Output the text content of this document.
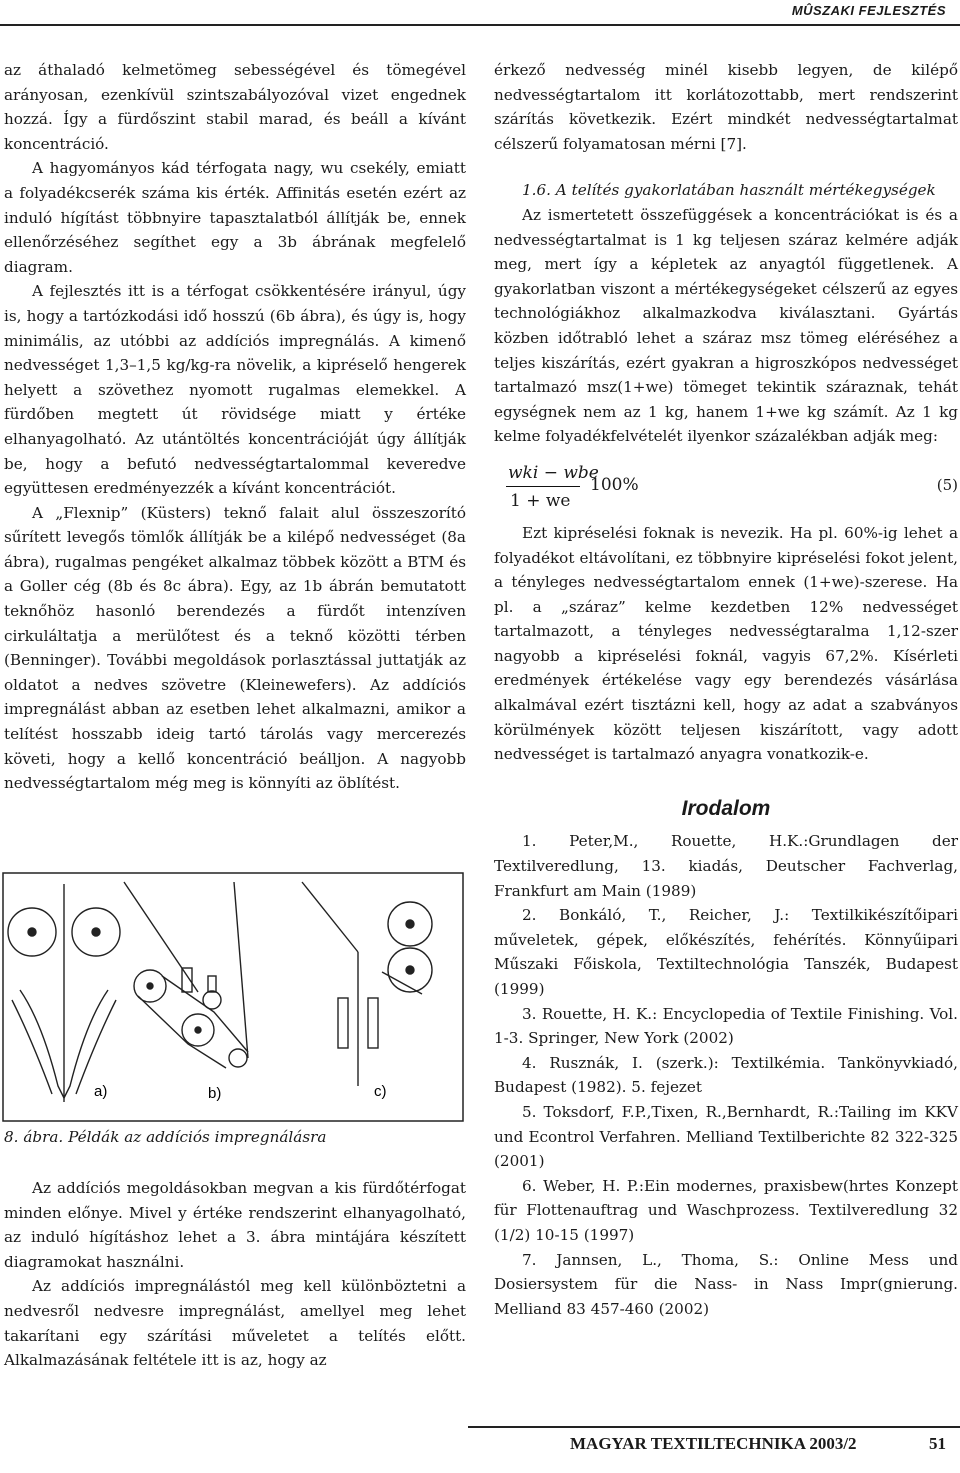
MÛSZAKI FEJLESZTÉS

az áthaladó kelmetömeg sebességével és tömegével arányosan, ezenkívül szintszabályozóval vizet engednek hozzá. Így a fürdőszint stabil marad, és beáll a kívánt koncentráció.

A hagyományos kád térfogata nagy, wu csekély, emiatt a folyadékcserék száma kis érték. Affinitás esetén ezért az induló hígítást többnyire tapasztalatból állítják be, ennek ellenőrzéséhez segíthet egy a 3b ábrának megfelelő diagram.

A fejlesztés itt is a térfogat csökkentésére irányul, úgy is, hogy a tartózkodási idő hosszú (6b ábra), és úgy is, hogy minimális, az utóbbi az addíciós impregnálás. A kimenő nedvességet 1,3–1,5 kg/kg-ra növelik, a kipréselő hengerek helyett a szövethez nyomott rugalmas elemekkel. A fürdőben megtett út rövidsége miatt y értéke elhanyagolható. Az utántöltés koncentrációját úgy állítják be, hogy a befutó nedvességtartalommal keveredve együttesen eredményezzék a kívánt koncentrációt.

A „Flexnip” (Küsters) teknő falait alul összeszorító sűrített levegős tömlők állítják be a kilépő nedvességet (8a ábra), rugalmas pengéket alkalmaz többek között a BTM és a Goller cég (8b és 8c ábra). Egy, az 1b ábrán bemutatott teknőhöz hasonló berendezés a fürdőt intenzíven cirkuláltatja a merülőtest és a teknő közötti térben (Benninger). További megoldások porlasztással juttatják az oldatot a nedves szövetre (Kleinewefers). Az addíciós impregnálást abban az esetben lehet alkalmazni, amikor a telítést hosszabb ideig tartó tárolás vagy mercerezés követi, hogy a kellő koncentráció beálljon. A nagyobb nedvességtartalom még meg is könnyíti az öblítést.

a)	b)	c)
8. ábra. Példák az addíciós impregnálásra

Az addíciós megoldásokban megvan a kis fürdőtérfogat minden előnye. Mivel y értéke rendszerint elhanyagolható, az induló hígításhoz lehet a 3. ábra mintájára készített diagramokat használni.

Az addíciós impregnálástól meg kell különböztetni a nedvesről nedvesre impregnálást, amellyel meg lehet takarítani egy szárítási műveletet a telítés előtt. Alkalmazásának feltétele itt is az, hogy az

érkező nedvesség minél kisebb legyen, de kilépő nedvességtartalom itt korlátozottabb, mert rendszerint szárítás következik. Ezért mindkét nedvességtartalmat célszerű folyamatosan mérni [7].

1.6. A telítés gyakorlatában használt mértékegységek

Az ismertetett összefüggések a koncentrációkat is és a nedvességtartalmat is 1 kg teljesen száraz kelmére adják meg, mert így a képletek az anyagtól függetlenek. A gyakorlatban viszont a mértékegységeket célszerű az egyes technológiákhoz alkalmazkodva kiválasztani. Gyártás közben időtrabló lehet a száraz msz tömeg eléréséhez a teljes kiszárítás, ezért gyakran a higroszkópos nedvességet tartalmazó msz(1+we) tömeget tekintik száraznak, tehát egységnek nem az 1 kg, hanem 1+we kg számít. Az 1 kg kelme folyadékfelvételét ilyenkor százalékban adják meg:

wki − wbe
1 + we
100%	(5)

Ezt kipréselési foknak is nevezik. Ha pl. 60%-ig lehet a folyadékot eltávolítani, ez többnyire kipréselési fokot jelent, a tényleges nedvességtartalom ennek (1+we)-szerese. Ha pl. a „száraz” kelme kezdetben 12% nedvességet tartalmazott, a tényleges nedvességtaralma 1,12-szer nagyobb a kipréselési foknál, vagyis 67,2%. Kísérleti eredmények értékelése vagy egy berendezés vásárlása alkalmával ezért tisztázni kell, hogy az adat a szabványos körülmények között teljesen kiszárított, vagy adott nedvességet is tartalmazó anyagra vonatkozik-e.

Irodalom

1. Peter,M., Rouette, H.K.:Grundlagen der Textilveredlung, 13. kiadás, Deutscher Fachverlag, Frankfurt am Main (1989)

2. Bonkáló, T., Reicher, J.: Textilkikészítőipari műveletek, gépek, előkészítés, fehérítés. Könnyűipari Műszaki Főiskola, Textiltechnológia Tanszék, Budapest (1999)

3. Rouette, H. K.: Encyclopedia of Textile Finishing. Vol. 1-3. Springer, New York (2002)

4. Rusznák, I. (szerk.): Textilkémia. Tankönyvkiadó, Budapest (1982). 5. fejezet

5. Toksdorf, F.P.,Tixen, R.,Bernhardt, R.:Tailing im KKV und Econtrol Verfahren. Melliand Textilberichte 82 322-325 (2001)

6. Weber, H. P.:Ein modernes, praxisbew(hrtes Konzept für Flottenauftrag und Waschprozess. Textilveredlung 32 (1/2) 10-15 (1997)

7. Jannsen, L., Thoma, S.: Online Mess und Dosiersystem für die Nass- in Nass Impr(gnierung. Melliand 83 457-460 (2002)

MAGYAR TEXTILTECHNIKA 2003/2	51
